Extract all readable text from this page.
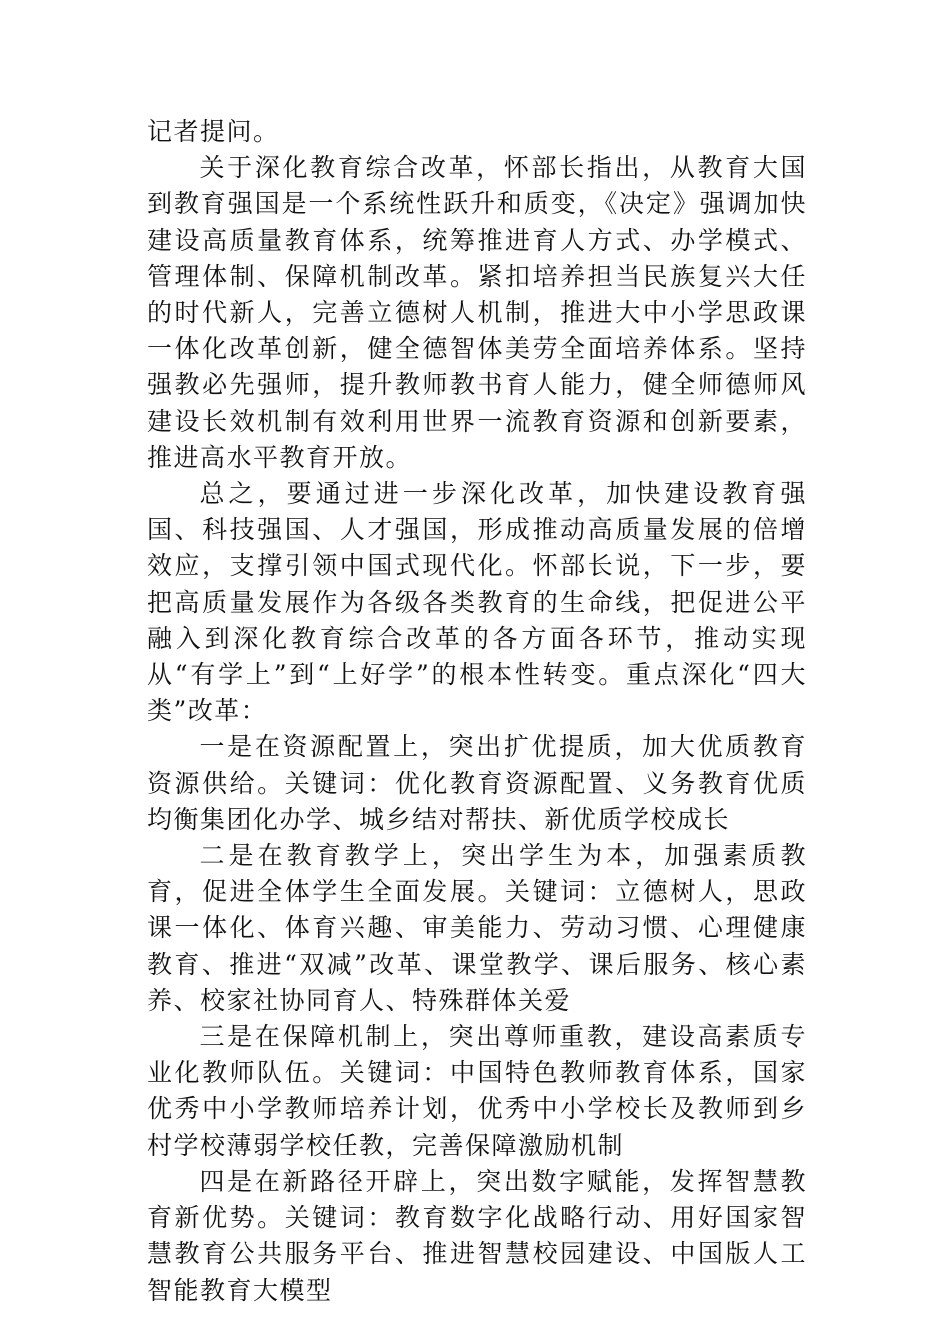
记者提问。

关于深化教育综合改革，怀部长指出，从教育大国到教育强国是一个系统性跃升和质变，《决定》强调加快建设高质量教育体系，统筹推进育人方式、办学模式、管理体制、保障机制改革。紧扣培养担当民族复兴大任的时代新人，完善立德树人机制，推进大中小学思政课一体化改革创新，健全德智体美劳全面培养体系。坚持强教必先强师，提升教师教书育人能力，健全师德师风建设长效机制有效利用世界一流教育资源和创新要素，推进高水平教育开放。

总之，要通过进一步深化改革，加快建设教育强国、科技强国、人才强国，形成推动高质量发展的倍增效应，支撑引领中国式现代化。怀部长说，下一步，要把高质量发展作为各级各类教育的生命线，把促进公平融入到深化教育综合改革的各方面各环节，推动实现从“有学上”到“上好学”的根本性转变。重点深化“四大类”改革：

一是在资源配置上，突出扩优提质，加大优质教育资源供给。关键词：优化教育资源配置、义务教育优质均衡集团化办学、城乡结对帮扶、新优质学校成长

二是在教育教学上，突出学生为本，加强素质教育，促进全体学生全面发展。关键词：立德树人，思政课一体化、体育兴趣、审美能力、劳动习惯、心理健康教育、推进“双减”改革、课堂教学、课后服务、核心素养、校家社协同育人、特殊群体关爱

三是在保障机制上，突出尊师重教，建设高素质专业化教师队伍。关键词：中国特色教师教育体系，国家优秀中小学教师培养计划，优秀中小学校长及教师到乡村学校薄弱学校任教，完善保障激励机制

四是在新路径开辟上，突出数字赋能，发挥智慧教育新优势。关键词：教育数字化战略行动、用好国家智慧教育公共服务平台、推进智慧校园建设、中国版人工智能教育大模型
